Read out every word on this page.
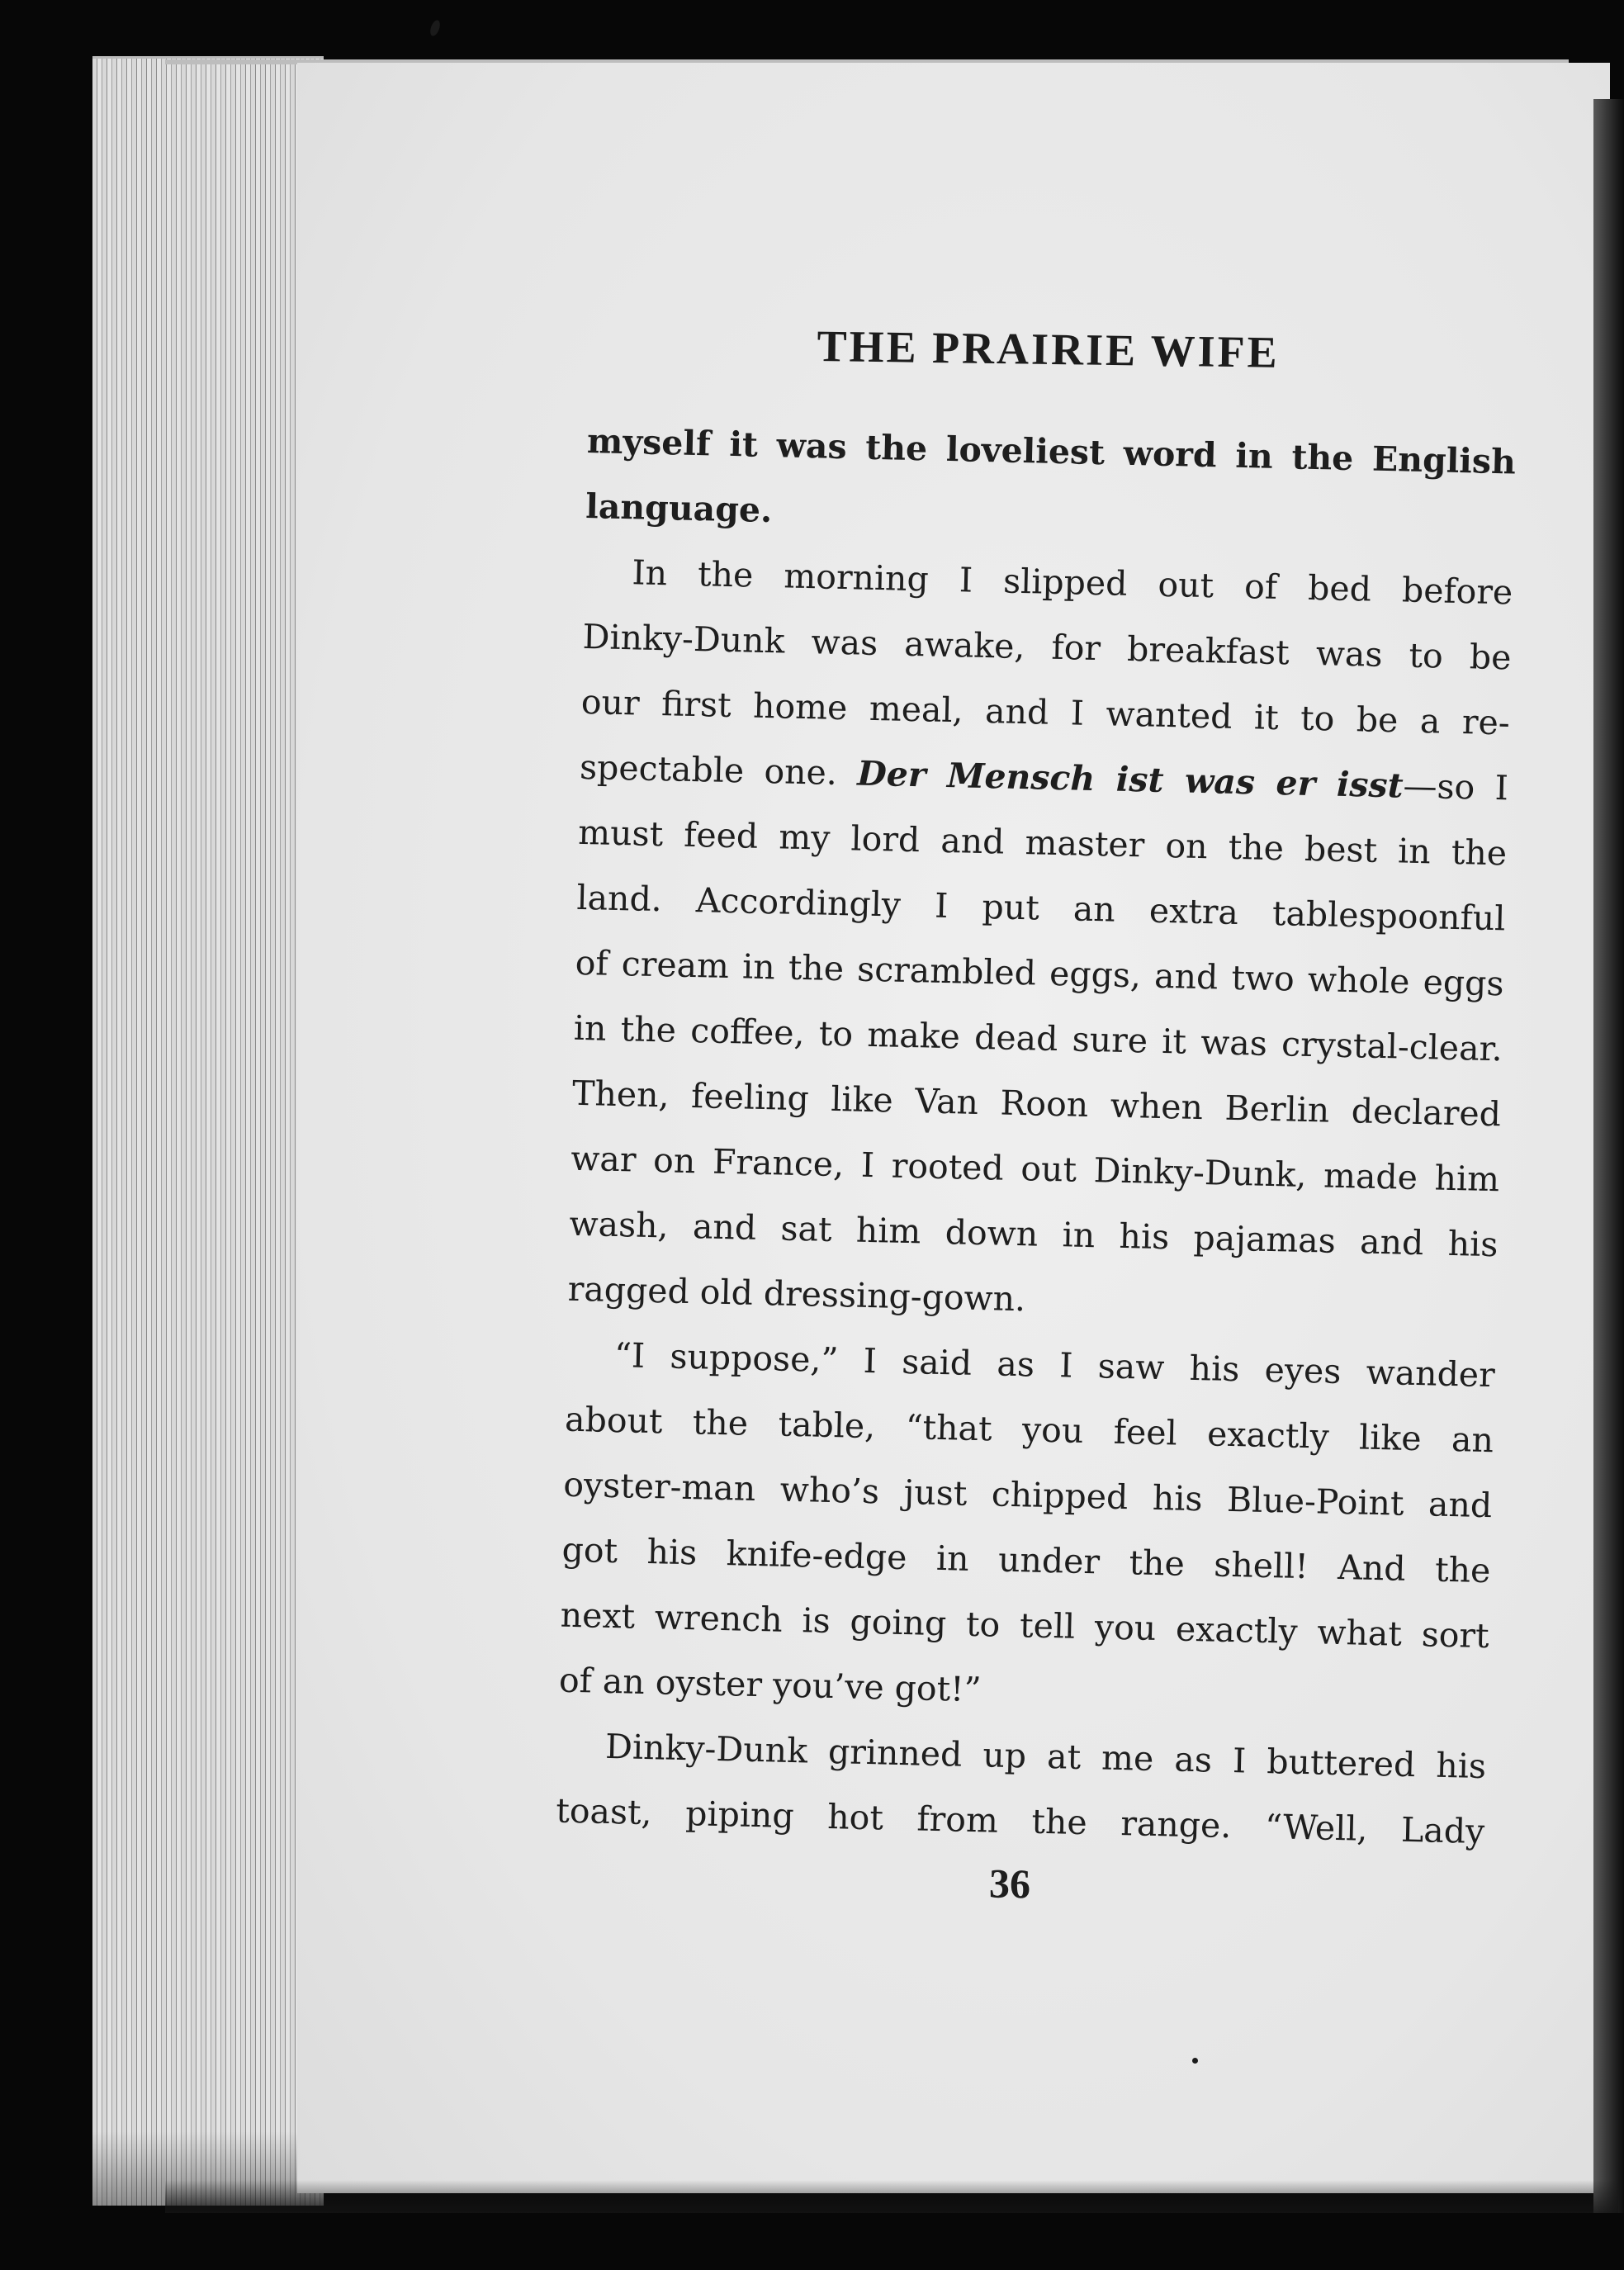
THE PRAIRIE WIFE
myself it was the loveliest word in the English
language.
In the morning I slipped out of bed before
Dinky-Dunk was awake, for breakfast was to be
our first home meal, and I wanted it to be a re-
spectable one. Der Mensch ist was er isst—so I
must feed my lord and master on the best in the
land. Accordingly I put an extra tablespoonful
of cream in the scrambled eggs, and two whole eggs
in the coffee, to make dead sure it was crystal-clear.
Then, feeling like Van Roon when Berlin declared
war on France, I rooted out Dinky-Dunk, made him
wash, and sat him down in his pajamas and his
ragged old dressing-gown.
“I suppose,” I said as I saw his eyes wander
about the table, “that you feel exactly like an
oyster-man who’s just chipped his Blue-Point and
got his knife-edge in under the shell! And the
next wrench is going to tell you exactly what sort
of an oyster you’ve got!”
Dinky-Dunk grinned up at me as I buttered his
toast, piping hot from the range. “Well, Lady
36
